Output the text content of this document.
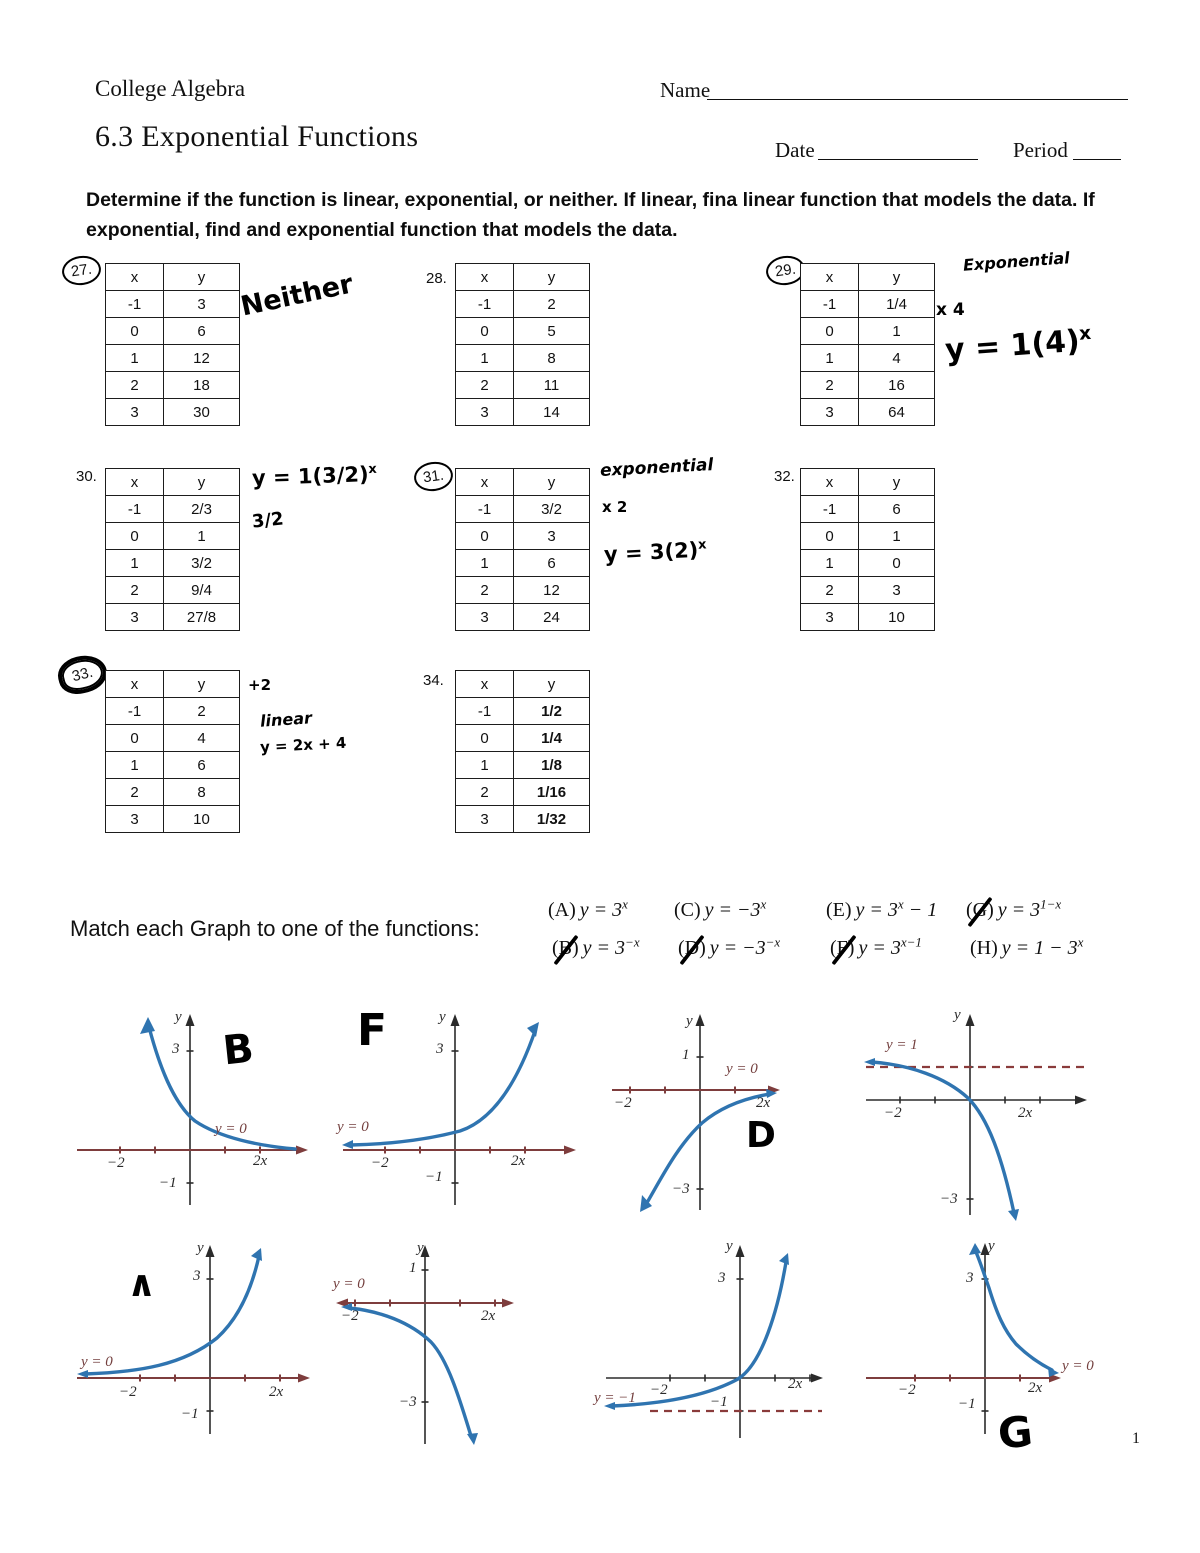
College Algebra	Name
6.3 Exponential Functions	Date	Period
Determine if the function is linear, exponential, or neither. If linear, fina linear function that models the data. If exponential, find and exponential function that models the data.
27.	x	y
-1	3
0	6
1	12
2	18
3	30
Neither	28. x	y
-1	2
0	5
1	8
2	11
3	14
29.	x	y
-1	1/4
0	1
1	4
2	16
3	64
Exponential
x 4
$y = 1(4)^x$
30. x	y
-1	2/3
0	1
1	3/2
2	9/4
3	27/8
$y = 1(3/2)^x$
3/2
31.	x	y
-1	3/2
0	3
1	6
2	12
3	24
exponential
x 2
$y = 3(2)^x$
32. x	y
-1	6
0	1
1	0
2	3
3	10
33.	x	y
-1	2
0	4
1	6
2	8
3	10
+2
linear
y = 2x + 4
34. x	y
-1	1/2
0	1/4
1	1/8
2	1/16
3	1/32
Match each Graph to one of the functions:
(A) $y = 3^x$ (C) $y = -3^x$	(E) $y = 3^x - 1$ (G) $y = 3^{1-x}$
(B) $y = 3^{-x}$ (D) $y = -3^{-x}$ (F) $y = 3^{x-1}$ (H) $y = 1 - 3^x$
y
3
y = 0
−2	2x
−1
B F	y
3
y = 0
−2	2x
−1
y
1
y = 0
−2	2x
−3
D
y = 1
y
−2	2x
−3
∧
y
3
y = 0
−2	2x
−1
y
1
y = 0
−2	2x
−3
y
3
y = −1 −2	2x
−1
y
3
y = 0
−2	2x
−1
G	1
